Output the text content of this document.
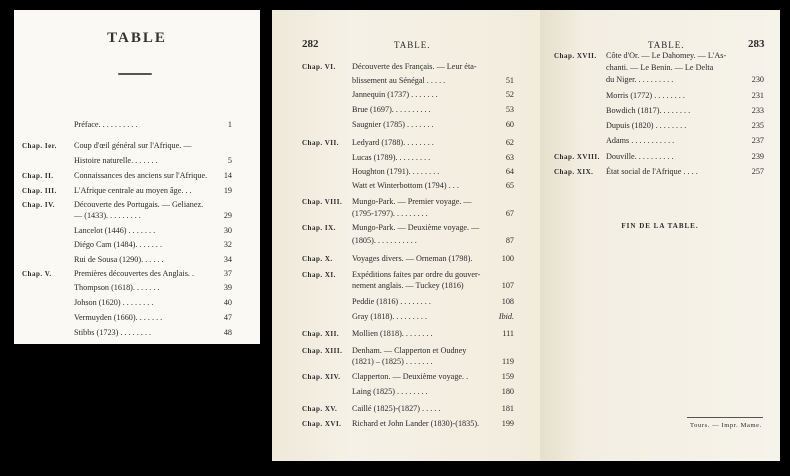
TABLE
Préface. . . . . . . . . .	1
Chap. Ier. Coup d'œil général sur l'Afrique. —
Histoire naturelle. . . . . . .	5
Chap. II. Connaissances des anciens sur l'Afrique.	14
Chap. III. L'Afrique centrale au moyen âge. . .	19
Chap. IV. Découverte des Portugais. — Gelianez.
— (1433). . . . . . . . .	29
Lancelot (1446) . . . . . . .	30
Diégo Cam (1484). . . . . . .	32
Rui de Sousa (1290). . . . . .	34
Chap. V.	Premières découvertes des Anglais. .	37
Thompson (1618). . . . . . .	39
Johson (1620) . . . . . . . .	40
Vermuyden (1660). . . . . . .	47
Stibbs (1723) . . . . . . . .	48
282	TABLE.
Chap. VI. Découverte des Français. — Leur éta-
blissement au Sénégal . . . . .	51
Jannequin (1737) . . . . . . .	52
Brue (1697). . . . . . . . . .	53
Saugnier (1785) . . . . . . .	60
Chap. VII. Ledyard (1788). . . . . . . .	62
Lucas (1789). . . . . . . . .	63
Houghton (1791). . . . . . . .	64
Watt et Winterbottom (1794) . . .	65
Chap. VIII. Mungo-Park. — Premier voyage. —
(1795-1797). . . . . . . . .	67
Chap. IX. Mungo-Park. — Deuxième voyage. —
(1805). . . . . . . . . . .	87
Chap. X. Voyages divers. — Orneman (1798).	100
Chap. XI. Expéditions faites par ordre du gouver-
nement anglais. — Tuckey (1816)	107
Peddie (1816) . . . . . . . .	108
Gray (1818). . . . . . . . .	Ibid.
Chap. XII. Mollien (1818). . . . . . . .	111
Chap. XIII. Denham. — Clapperton et Oudney
(1821) – (1825) . . . . . . .	119
Chap. XIV. Clapperton. — Deuxième voyage. .	159
Laing (1825) . . . . . . . .	180
Chap. XV. Caillé (1825)-(1827) . . . . .	181
Chap. XVI. Richard et John Lander (1830)-(1835).	199
TABLE.	283
Chap. XVII. Côte d'Or. — Le Dahomey. — L'As-
chanti. — Le Benin. — Le Delta
du Niger. . . . . . . . . .	230
Morris (1772) . . . . . . . .	231
Bowdich (1817). . . . . . . .	233
Dupuis (1820) . . . . . . . .	235
Adams . . . . . . . . . . .	237
Chap. XVIII. Douville. . . . . . . . . .	239
Chap. XIX. État social de l'Afrique . . . .	257
FIN DE LA TABLE.
Tours. — Impr. Mame.
